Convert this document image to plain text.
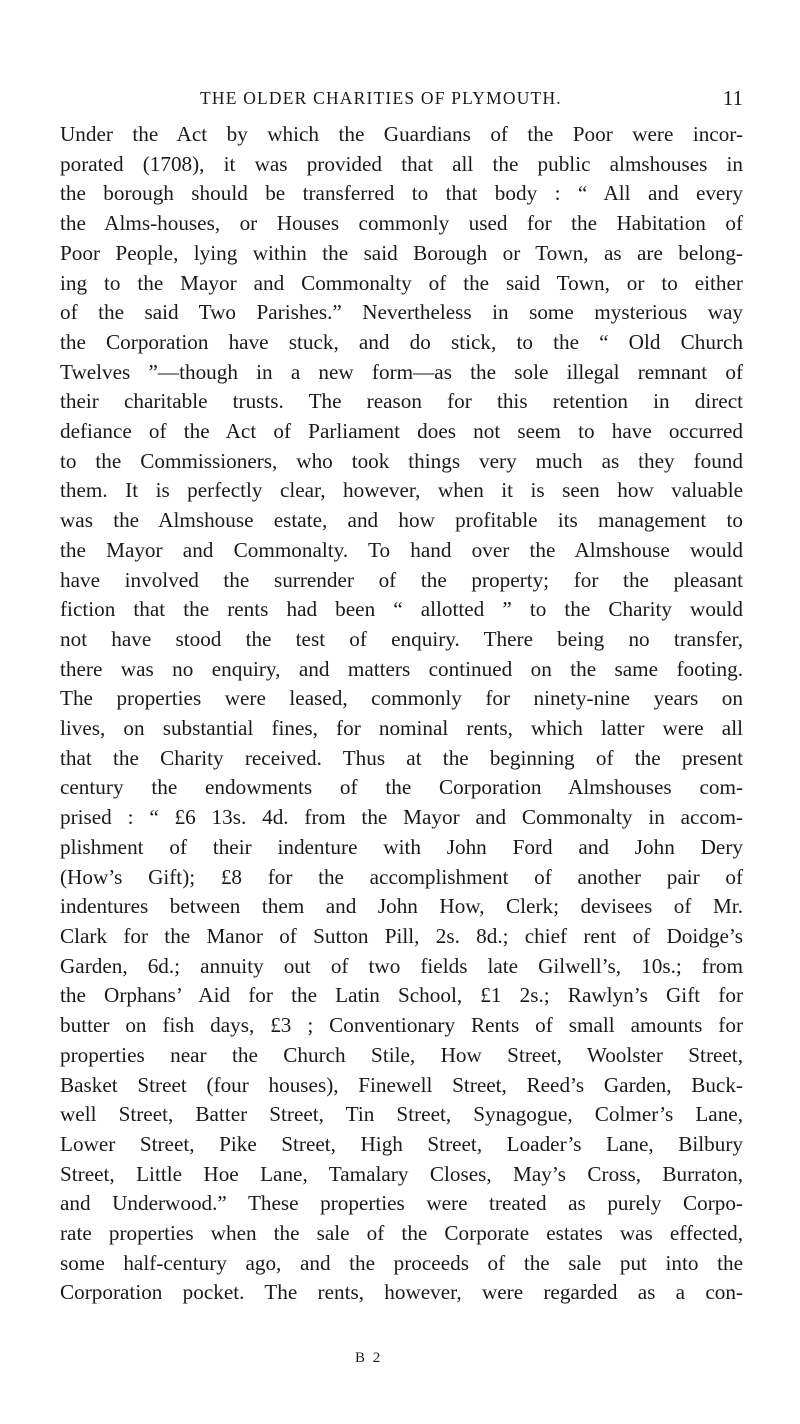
THE OLDER CHARITIES OF PLYMOUTH.	11

Under the Act by which the Guardians of the Poor were incor-
porated (1708), it was provided that all the public almshouses in
the borough should be transferred to that body : “ All and every
the Alms-houses, or Houses commonly used for the Habitation of
Poor People, lying within the said Borough or Town, as are belong-
ing to the Mayor and Commonalty of the said Town, or to either
of the said Two Parishes.” Nevertheless in some mysterious way
the Corporation have stuck, and do stick, to the “ Old Church
Twelves ”—though in a new form—as the sole illegal remnant of
their charitable trusts. The reason for this retention in direct
defiance of the Act of Parliament does not seem to have occurred
to the Commissioners, who took things very much as they found
them. It is perfectly clear, however, when it is seen how valuable
was the Almshouse estate, and how profitable its management to
the Mayor and Commonalty. To hand over the Almshouse would
have involved the surrender of the property; for the pleasant
fiction that the rents had been “ allotted ” to the Charity would
not have stood the test of enquiry. There being no transfer,
there was no enquiry, and matters continued on the same footing.
The properties were leased, commonly for ninety-nine years on
lives, on substantial fines, for nominal rents, which latter were all
that the Charity received. Thus at the beginning of the present
century the endowments of the Corporation Almshouses com-
prised : “ £6 13s. 4d. from the Mayor and Commonalty in accom-
plishment of their indenture with John Ford and John Dery
(How’s Gift); £8 for the accomplishment of another pair of
indentures between them and John How, Clerk; devisees of Mr.
Clark for the Manor of Sutton Pill, 2s. 8d.; chief rent of Doidge’s
Garden, 6d.; annuity out of two fields late Gilwell’s, 10s.; from
the Orphans’ Aid for the Latin School, £1 2s.; Rawlyn’s Gift for
butter on fish days, £3 ; Conventionary Rents of small amounts for
properties near the Church Stile, How Street, Woolster Street,
Basket Street (four houses), Finewell Street, Reed’s Garden, Buck-
well Street, Batter Street, Tin Street, Synagogue, Colmer’s Lane,
Lower Street, Pike Street, High Street, Loader’s Lane, Bilbury
Street, Little Hoe Lane, Tamalary Closes, May’s Cross, Burraton,
and Underwood.” These properties were treated as purely Corpo-
rate properties when the sale of the Corporate estates was effected,
some half-century ago, and the proceeds of the sale put into the
Corporation pocket. The rents, however, were regarded as a con-

B 2
